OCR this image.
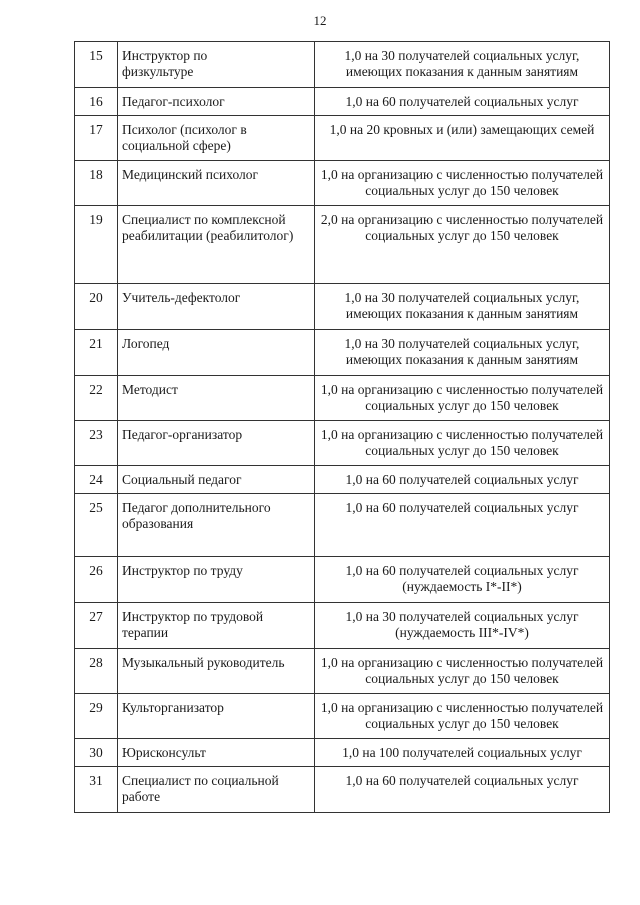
12
15	Инструктор по физкультуре	1,0 на 30 получателей социальных услуг, имеющих показания к данным занятиям
16	Педагог-психолог	1,0 на 60 получателей социальных услуг
17	Психолог (психолог в социальной сфере)	1,0 на 20 кровных и (или) замещающих семей
18	Медицинский психолог	1,0 на организацию с численностью получателей социальных услуг до 150 человек
19	Специалист по комплексной реабилитации (реабилитолог)	2,0 на организацию с численностью получателей социальных услуг до 150 человек
20	Учитель-дефектолог	1,0 на 30 получателей социальных услуг, имеющих показания к данным занятиям
21	Логопед	1,0 на 30 получателей социальных услуг, имеющих показания к данным занятиям
22	Методист	1,0 на организацию с численностью получателей социальных услуг до 150 человек
23	Педагог-организатор	1,0 на организацию с численностью получателей социальных услуг до 150 человек
24	Социальный педагог	1,0 на 60 получателей социальных услуг
25	Педагог дополнительного образования	1,0 на 60 получателей социальных услуг
26	Инструктор по труду	1,0 на 60 получателей социальных услуг (нуждаемость I*-II*)
27	Инструктор по трудовой терапии	1,0 на 30 получателей социальных услуг (нуждаемость III*-IV*)
28	Музыкальный руководитель	1,0 на организацию с численностью получателей социальных услуг до 150 человек
29	Культорганизатор	1,0 на организацию с численностью получателей социальных услуг до 150 человек
30	Юрисконсульт	1,0 на 100 получателей социальных услуг
31	Специалист по социальной работе	1,0 на 60 получателей социальных услуг
